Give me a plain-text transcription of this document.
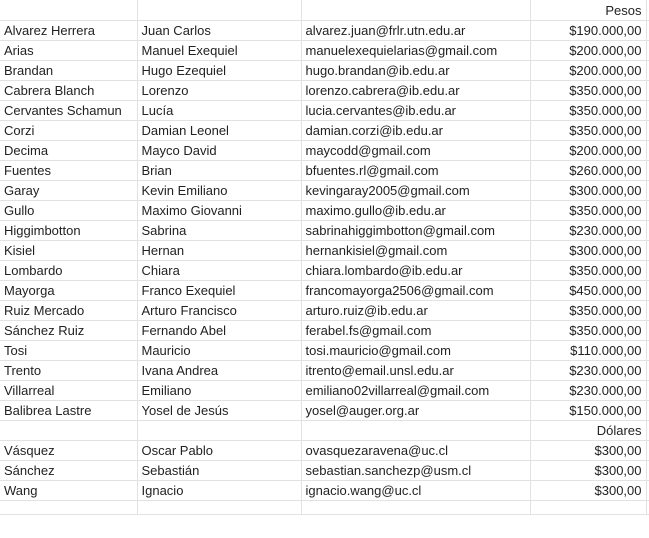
			Pesos	
Alvarez Herrera	Juan Carlos	alvarez.juan@frlr.utn.edu.ar	$190.000,00	
Arias	Manuel Exequiel	manuelexequielarias@gmail.com	$200.000,00	
Brandan	Hugo Ezequiel	hugo.brandan@ib.edu.ar	$200.000,00	
Cabrera Blanch	Lorenzo	lorenzo.cabrera@ib.edu.ar	$350.000,00	
Cervantes Schamun	Lucía	lucia.cervantes@ib.edu.ar	$350.000,00	
Corzi	Damian Leonel	damian.corzi@ib.edu.ar	$350.000,00	
Decima	Mayco David	maycodd@gmail.com	$200.000,00	
Fuentes	Brian	bfuentes.rl@gmail.com	$260.000,00	
Garay	Kevin Emiliano	kevingaray2005@gmail.com	$300.000,00	
Gullo	Maximo Giovanni	maximo.gullo@ib.edu.ar	$350.000,00	
Higgimbotton	Sabrina	sabrinahiggimbotton@gmail.com	$230.000,00	
Kisiel	Hernan	hernankisiel@gmail.com	$300.000,00	
Lombardo	Chiara	chiara.lombardo@ib.edu.ar	$350.000,00	
Mayorga	Franco Exequiel	francomayorga2506@gmail.com	$450.000,00	
Ruiz Mercado	Arturo Francisco	arturo.ruiz@ib.edu.ar	$350.000,00	
Sánchez Ruiz	Fernando Abel	ferabel.fs@gmail.com	$350.000,00	
Tosi	Mauricio	tosi.mauricio@gmail.com	$110.000,00	
Trento	Ivana Andrea	itrento@email.unsl.edu.ar	$230.000,00	
Villarreal	Emiliano	emiliano02villarreal@gmail.com	$230.000,00	
Balibrea Lastre	Yosel de Jesús	yosel@auger.org.ar	$150.000,00	
			Dólares	
Vásquez	Oscar Pablo	ovasquezaravena@uc.cl	$300,00	
Sánchez	Sebastián	sebastian.sanchezp@usm.cl	$300,00	
Wang	Ignacio	ignacio.wang@uc.cl	$300,00	
